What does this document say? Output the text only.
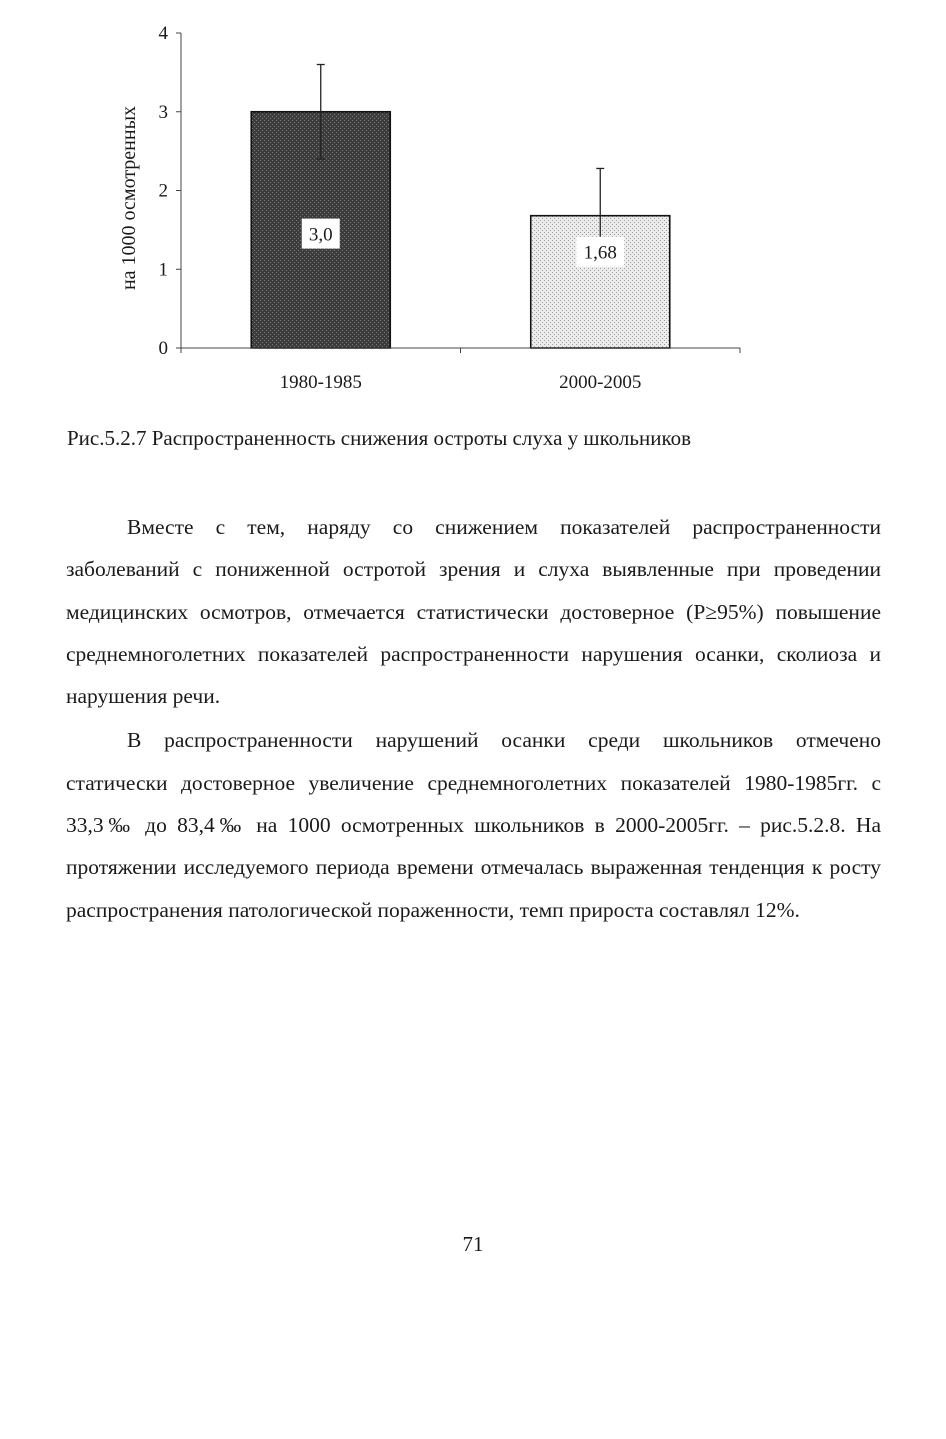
3,0
1980-1985
1,68
2000-2005
0
1
2
3
4
на 1000 осмотренных
Рис.5.2.7 Распространенность снижения остроты слуха у школьников

Вместе с тем, наряду со снижением показателей распространенности заболеваний с пониженной остротой зрения и слуха выявленные при проведении медицинских осмотров, отмечается статистически достоверное (P≥95%) повышение среднемноголетних показателей распространенности нарушения осанки, сколиоза и нарушения речи.

В распространенности нарушений осанки среди школьников отмечено статически достоверное увеличение среднемноголетних показателей 1980-1985гг. с 33,3‰ до 83,4‰ на 1000 осмотренных школьников в 2000-2005гг. – рис.5.2.8. На протяжении исследуемого периода времени отмечалась выраженная тенденция к росту распространения патологической пораженности, темп прироста составлял 12%.

71
